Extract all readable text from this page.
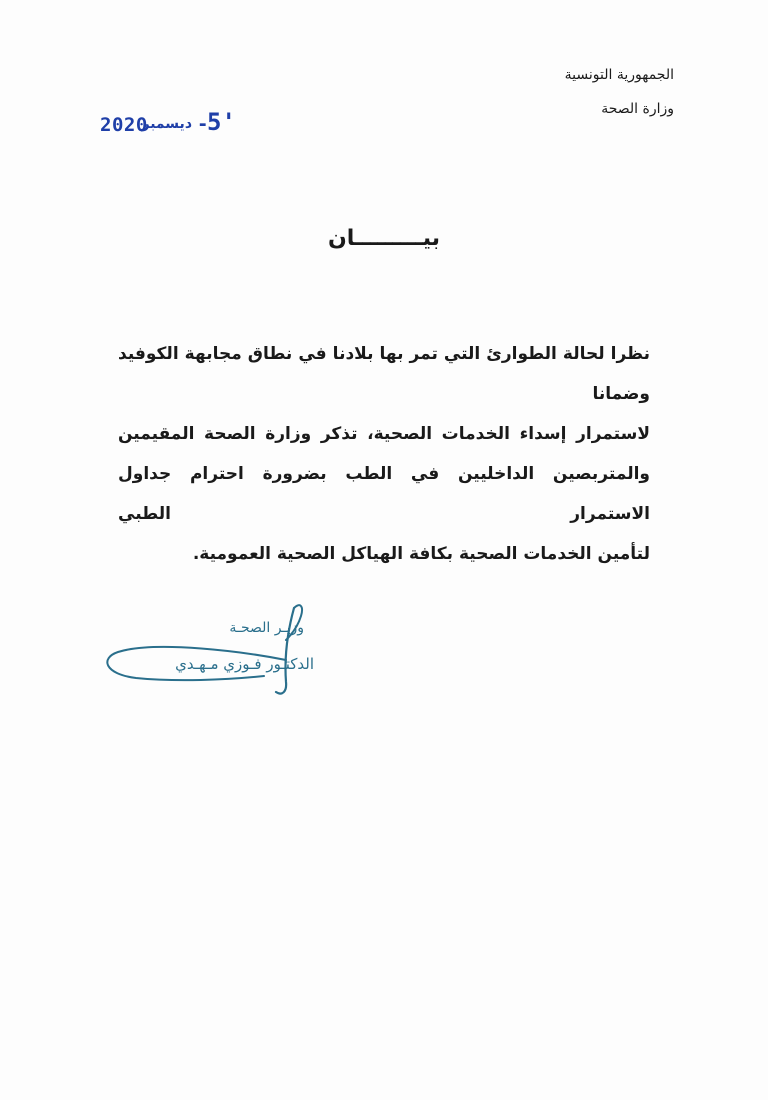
الجمهورية التونسية
وزارة الصحة
2020
ديسمبر -
5'
بيـــــــــان
نظرا لحالة الطوارئ التي تمر بها بلادنا في نطاق مجابهة الكوفيد وضمانا
لاستمرار إسداء الخدمات الصحية، تذكر وزارة الصحة المقيمين
والمتربصين الداخليين في الطب بضرورة احترام جداول الاستمرار الطبي
لتأمين الخدمات الصحية بكافة الهياكل الصحية العمومية.
وزيـر الصحـة
الدكتـور فـوزي مـهـدي
